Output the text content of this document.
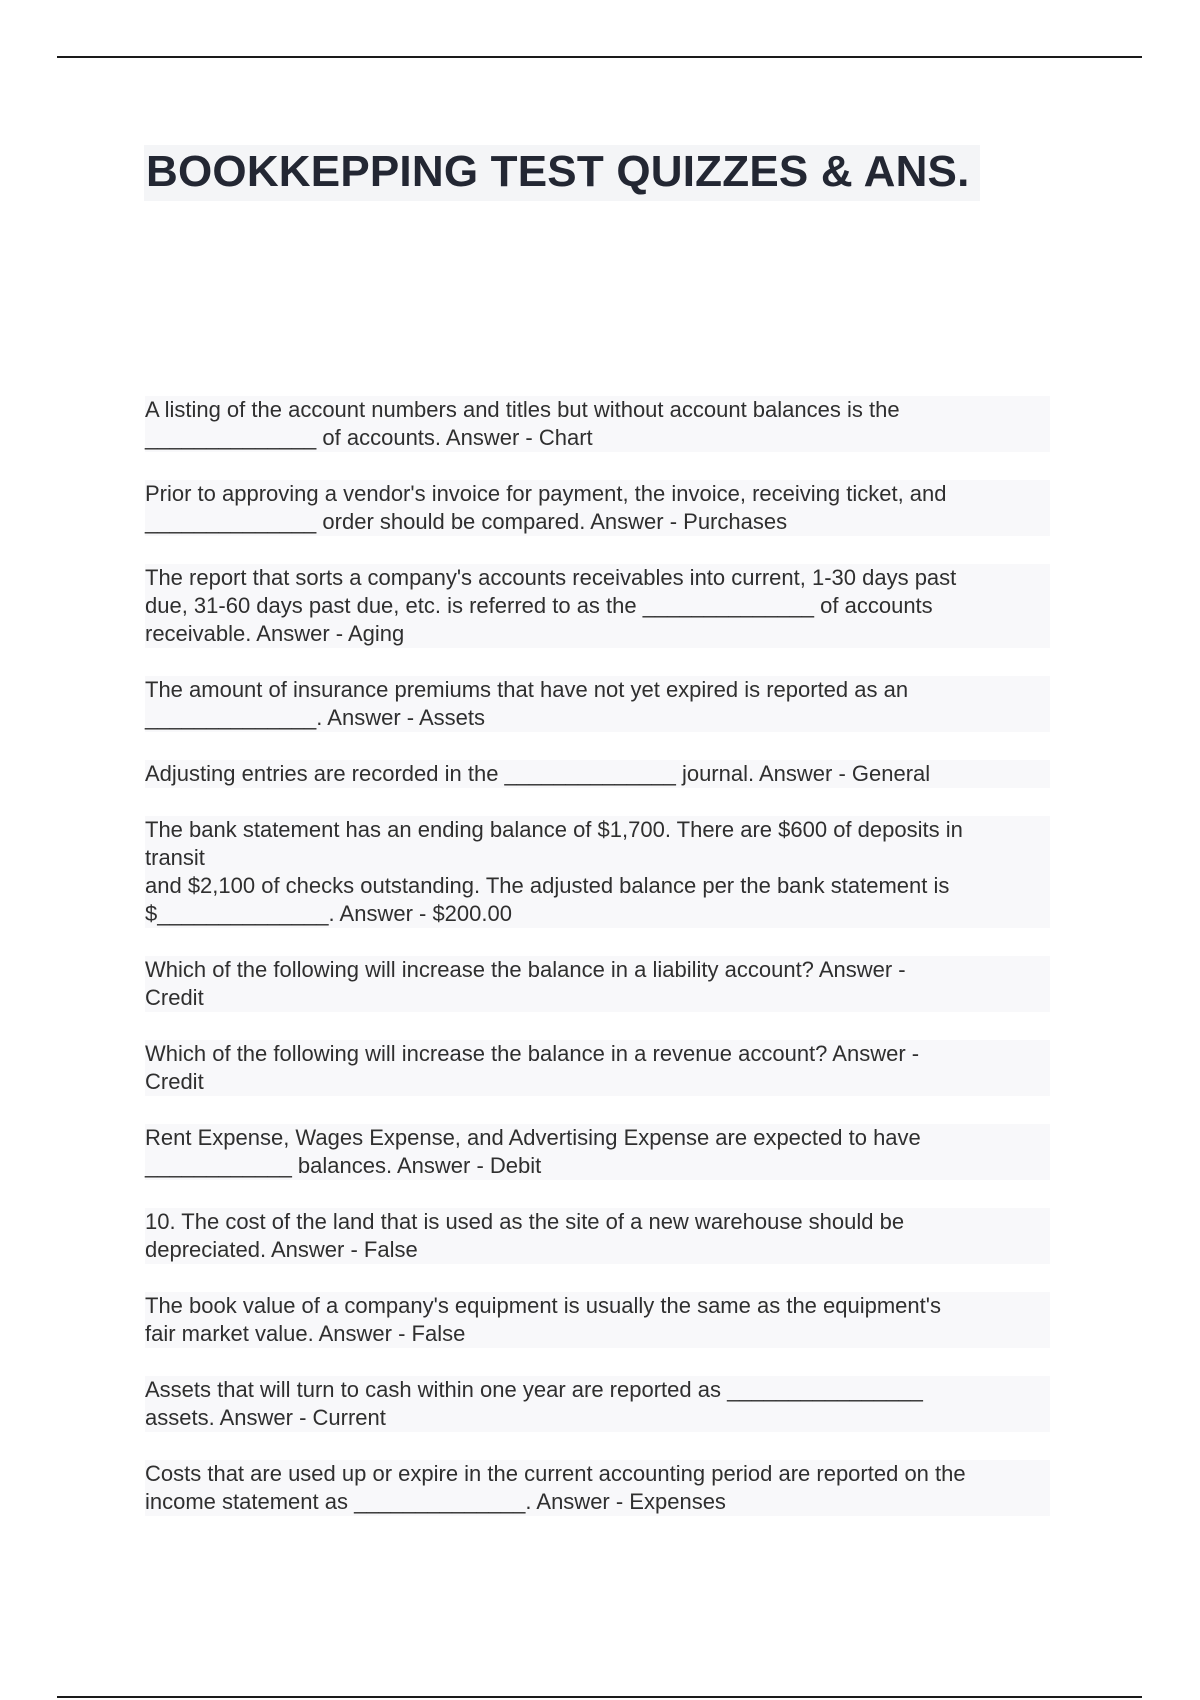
BOOKKEPPING TEST QUIZZES & ANS.

A listing of the account numbers and titles but without account balances is the
______________ of accounts. Answer - Chart

Prior to approving a vendor's invoice for payment, the invoice, receiving ticket, and
______________ order should be compared. Answer - Purchases

The report that sorts a company's accounts receivables into current, 1-30 days past
due, 31-60 days past due, etc. is referred to as the ______________ of accounts
receivable. Answer - Aging

The amount of insurance premiums that have not yet expired is reported as an
______________. Answer - Assets

Adjusting entries are recorded in the ______________ journal. Answer - General

The bank statement has an ending balance of $1,700. There are $600 of deposits in
transit
and $2,100 of checks outstanding. The adjusted balance per the bank statement is
$______________. Answer - $200.00

Which of the following will increase the balance in a liability account? Answer -
Credit

Which of the following will increase the balance in a revenue account? Answer -
Credit

Rent Expense, Wages Expense, and Advertising Expense are expected to have
____________ balances. Answer - Debit

10. The cost of the land that is used as the site of a new warehouse should be
depreciated. Answer - False

The book value of a company's equipment is usually the same as the equipment's
fair market value. Answer - False

Assets that will turn to cash within one year are reported as ________________
assets. Answer - Current

Costs that are used up or expire in the current accounting period are reported on the
income statement as ______________. Answer - Expenses
